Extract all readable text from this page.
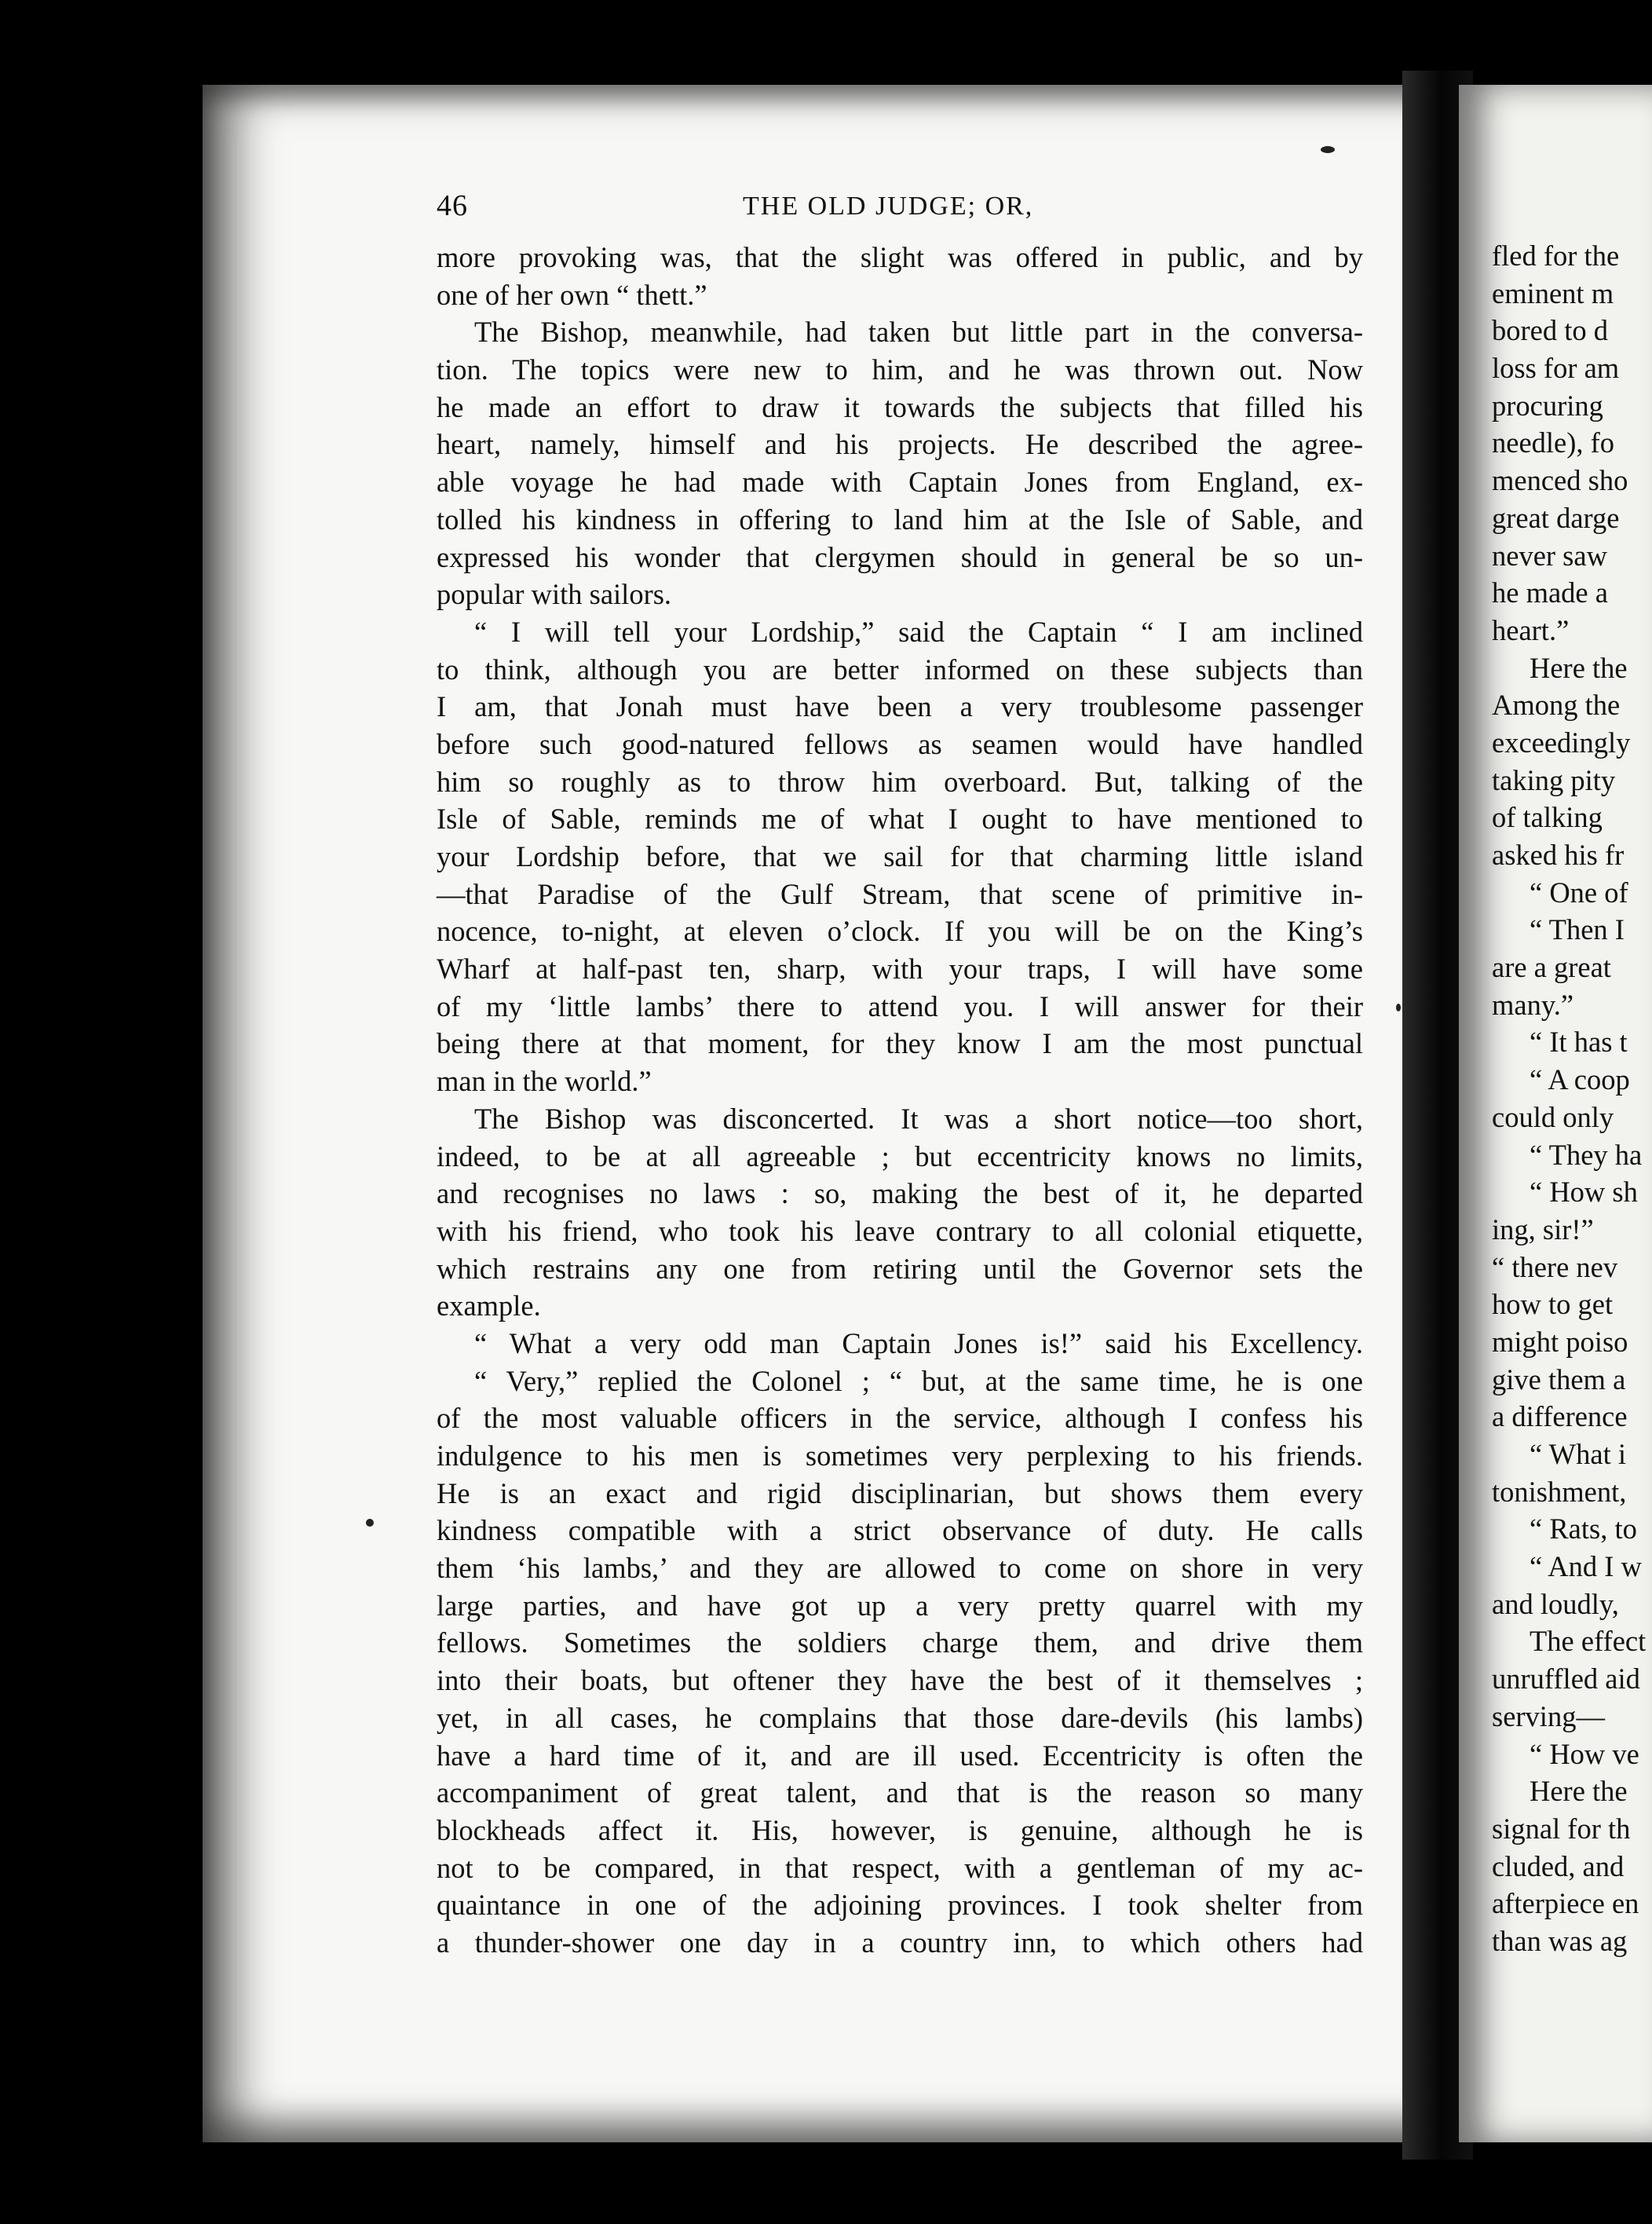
46	THE OLD JUDGE; OR,
more provoking was, that the slight was offered in public, and by
one of her own “ thett.”
The Bishop, meanwhile, had taken but little part in the conversa-
tion. The topics were new to him, and he was thrown out. Now
he made an effort to draw it towards the subjects that filled his
heart, namely, himself and his projects. He described the agree-
able voyage he had made with Captain Jones from England, ex-
tolled his kindness in offering to land him at the Isle of Sable, and
expressed his wonder that clergymen should in general be so un-
popular with sailors.
“ I will tell your Lordship,” said the Captain “ I am inclined
to think, although you are better informed on these subjects than
I am, that Jonah must have been a very troublesome passenger
before such good-natured fellows as seamen would have handled
him so roughly as to throw him overboard. But, talking of the
Isle of Sable, reminds me of what I ought to have mentioned to
your Lordship before, that we sail for that charming little island
—that Paradise of the Gulf Stream, that scene of primitive in-
nocence, to-night, at eleven o’clock. If you will be on the King’s
Wharf at half-past ten, sharp, with your traps, I will have some
of my ‘little lambs’ there to attend you. I will answer for their
being there at that moment, for they know I am the most punctual
man in the world.”
The Bishop was disconcerted. It was a short notice—too short,
indeed, to be at all agreeable ; but eccentricity knows no limits,
and recognises no laws : so, making the best of it, he departed
with his friend, who took his leave contrary to all colonial etiquette,
which restrains any one from retiring until the Governor sets the
example.
“ What a very odd man Captain Jones is!” said his Excellency.
“ Very,” replied the Colonel ; “ but, at the same time, he is one
of the most valuable officers in the service, although I confess his
indulgence to his men is sometimes very perplexing to his friends.
He is an exact and rigid disciplinarian, but shows them every
kindness compatible with a strict observance of duty. He calls
them ‘his lambs,’ and they are allowed to come on shore in very
large parties, and have got up a very pretty quarrel with my
fellows. Sometimes the soldiers charge them, and drive them
into their boats, but oftener they have the best of it themselves ;
yet, in all cases, he complains that those dare-devils (his lambs)
have a hard time of it, and are ill used. Eccentricity is often the
accompaniment of great talent, and that is the reason so many
blockheads affect it. His, however, is genuine, although he is
not to be compared, in that respect, with a gentleman of my ac-
quaintance in one of the adjoining provinces. I took shelter from
a thunder-shower one day in a country inn, to which others had
fled for the
eminent m
bored to d
loss for am
procuring
needle), fo
menced sho
great darge
never saw
he made a
heart.”
Here the
Among the
exceedingly
taking pity
of talking
asked his fr
“ One of
“ Then I
are a great
many.”
“ It has t
“ A coop
could only
“ They ha
“ How sh
ing, sir!”
“ there nev
how to get
might poiso
give them a
a difference
“ What i
tonishment,
“ Rats, to
“ And I w
and loudly,
The effect
unruffled aid
serving—
“ How ve
Here the
signal for th
cluded, and
afterpiece en
than was ag
